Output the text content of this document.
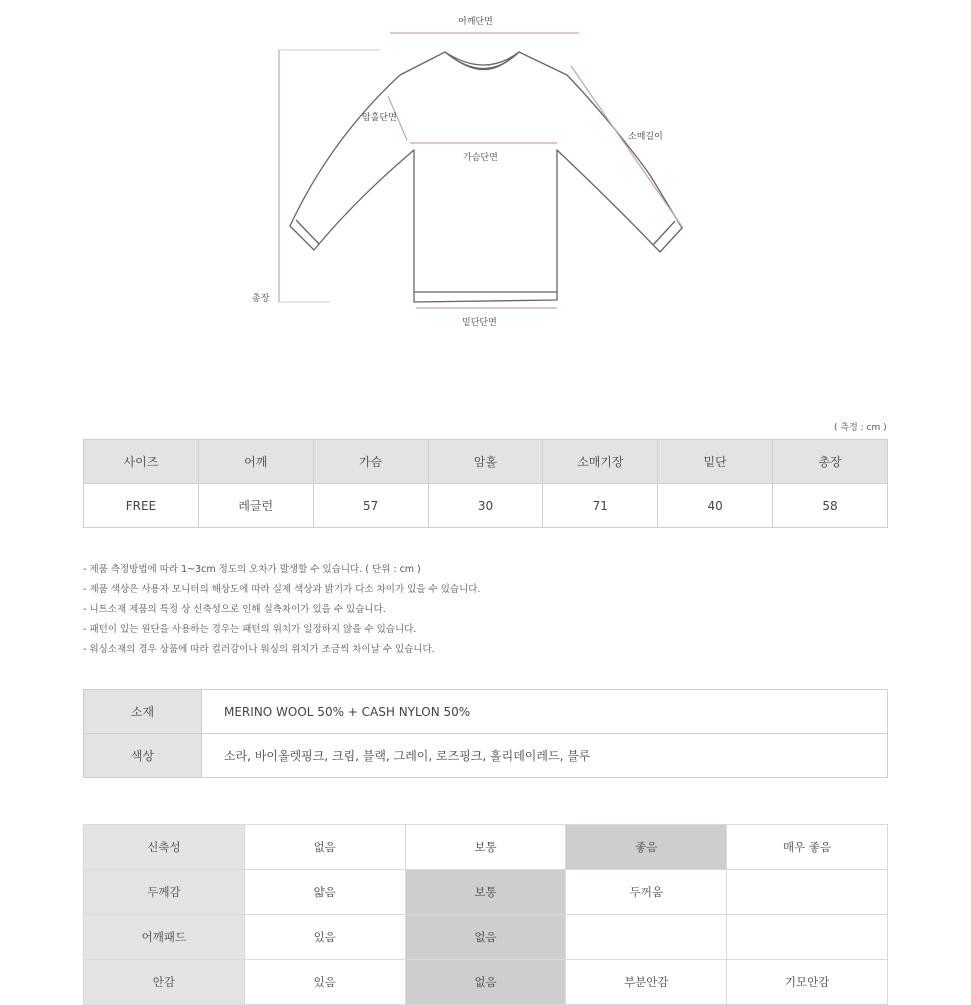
어깨단면
암홀단면
가슴단면
소매길이
총장
밑단단면
( 측정 : cm )
사이즈	어깨	가슴	암홀	소매기장	밑단	총장
FREE	레글런	57	30	71	40	58
- 제품 측정방법에 따라 1~3cm 정도의 오차가 발생할 수 있습니다. ( 단위 : cm )
- 제품 색상은 사용자 모니터의 해상도에 따라 실제 색상과 밝기가 다소 차이가 있을 수 있습니다.
- 니트소재 제품의 특정 상 신축성으로 인해 실측차이가 있을 수 있습니다.
- 패턴이 있는 원단을 사용하는 경우는 패턴의 위치가 일정하지 않을 수 있습니다.
- 워싱소재의 경우 상품에 따라 컬러감이나 워싱의 위치가 조금씩 차이날 수 있습니다.
소재	MERINO WOOL 50% + CASH NYLON 50%
색상	소라, 바이올렛핑크, 크림, 블랙, 그레이, 로즈핑크, 홀리데이레드, 블루
신축성	없음	보통	좋음	매우 좋음
두께감	얇음	보통	두꺼움	
어깨패드	있음	없음		
안감	있음	없음	부분안감	기모안감
